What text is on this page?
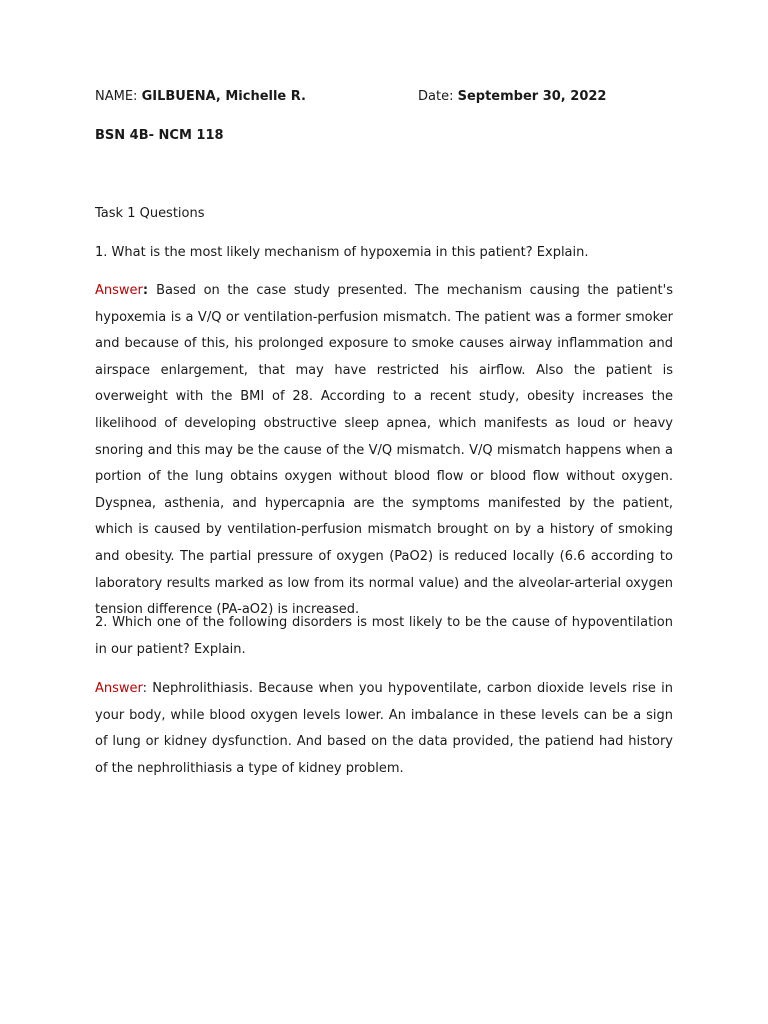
NAME: GILBUENA, Michelle R.	Date: September 30, 2022
BSN 4B- NCM 118
Task 1 Questions
1. What is the most likely mechanism of hypoxemia in this patient? Explain.
Answer: Based on the case study presented. The mechanism causing the patient's hypoxemia is a V/Q or ventilation-perfusion mismatch. The patient was a former smoker and because of this, his prolonged exposure to smoke causes airway inflammation and airspace enlargement, that may have restricted his airflow. Also the patient is overweight with the BMI of 28. According to a recent study, obesity increases the likelihood of developing obstructive sleep apnea, which manifests as loud or heavy snoring and this may be the cause of the V/Q mismatch. V/Q mismatch happens when a portion of the lung obtains oxygen without blood flow or blood flow without oxygen. Dyspnea, asthenia, and hypercapnia are the symptoms manifested by the patient, which is caused by ventilation-perfusion mismatch brought on by a history of smoking and obesity. The partial pressure of oxygen (PaO2) is reduced locally (6.6 according to laboratory results marked as low from its normal value) and the alveolar-arterial oxygen tension difference (PA-aO2) is increased.
2. Which one of the following disorders is most likely to be the cause of hypoventilation in our patient? Explain.
Answer: Nephrolithiasis. Because when you hypoventilate, carbon dioxide levels rise in your body, while blood oxygen levels lower. An imbalance in these levels can be a sign of lung or kidney dysfunction. And based on the data provided, the patiend had history of the nephrolithiasis a type of kidney problem.
